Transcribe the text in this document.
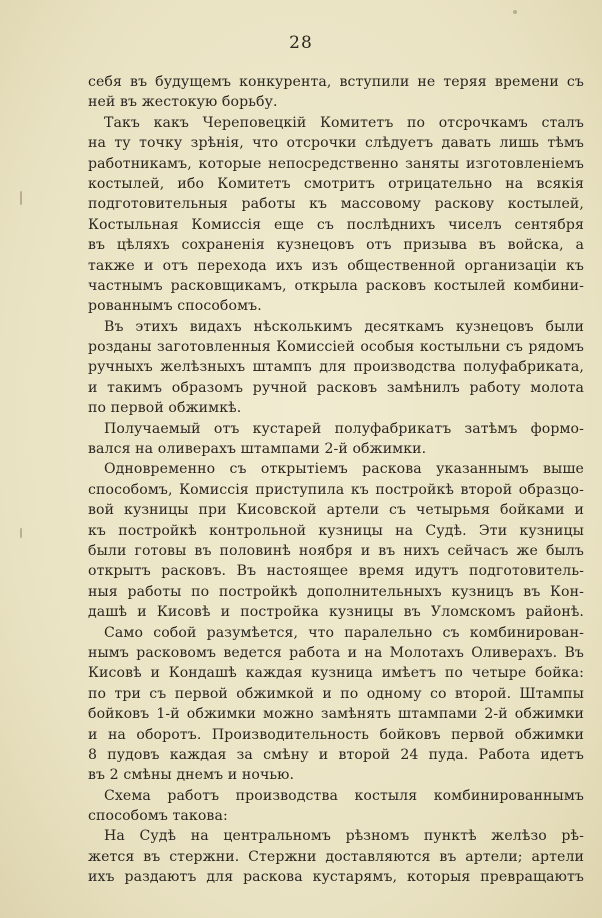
28
себя въ будущемъ конкурента, вступили не теряя времени съ
ней въ жестокую борьбу.
Такъ какъ Череповецкій Комитетъ по отсрочкамъ сталъ
на ту точку зрѣнія, что отсрочки слѣдуетъ давать лишь тѣмъ
работникамъ, которые непосредственно заняты изготовленіемъ
костылей, ибо Комитетъ смотритъ отрицательно на всякія
подготовительныя работы къ массовому раскову костылей,
Костыльная Комиссія еще съ послѣднихъ чиселъ сентября
въ цѣляхъ сохраненія кузнецовъ отъ призыва въ войска, а
также и отъ перехода ихъ изъ общественной организаціи къ
частнымъ расковщикамъ, открыла расковъ костылей комбини-
рованнымъ способомъ.
Въ этихъ видахъ нѣсколькимъ десяткамъ кузнецовъ были
розданы заготовленныя Комиссіей особыя костыльни съ рядомъ
ручныхъ желѣзныхъ штампъ для производства полуфабриката,
и такимъ образомъ ручной расковъ замѣнилъ работу молота
по первой обжимкѣ.
Получаемый отъ кустарей полуфабрикатъ затѣмъ формо-
вался на оливерахъ штампами 2-й обжимки.
Одновременно съ открытіемъ раскова указаннымъ выше
способомъ, Комиссія приступила къ постройкѣ второй образцо-
вой кузницы при Кисовской артели съ четырьмя бойками и
къ постройкѣ контрольной кузницы на Судѣ. Эти кузницы
были готовы въ половинѣ ноября и въ нихъ сейчасъ же былъ
открытъ расковъ. Въ настоящее время идутъ подготовитель-
ныя работы по постройкѣ дополнительныхъ кузницъ въ Кон-
дашѣ и Кисовѣ и постройка кузницы въ Уломскомъ районѣ.
Само собой разумѣется, что паралельно съ комбинирован-
нымъ расковомъ ведется работа и на Молотахъ Оливерахъ. Въ
Кисовѣ и Кондашѣ каждая кузница имѣетъ по четыре бойка:
по три съ первой обжимкой и по одному со второй. Штампы
бойковъ 1-й обжимки можно замѣнять штампами 2-й обжимки
и на оборотъ. Производительность бойковъ первой обжимки
8 пудовъ каждая за смѣну и второй 24 пуда. Работа идетъ
въ 2 смѣны днемъ и ночью.
Схема работъ производства костыля комбинированнымъ
способомъ такова:
На Судѣ на центральномъ рѣзномъ пунктѣ желѣзо рѣ-
жется въ стержни. Стержни доставляются въ артели; артели
ихъ раздаютъ для раскова кустарямъ, которыя превращаютъ
